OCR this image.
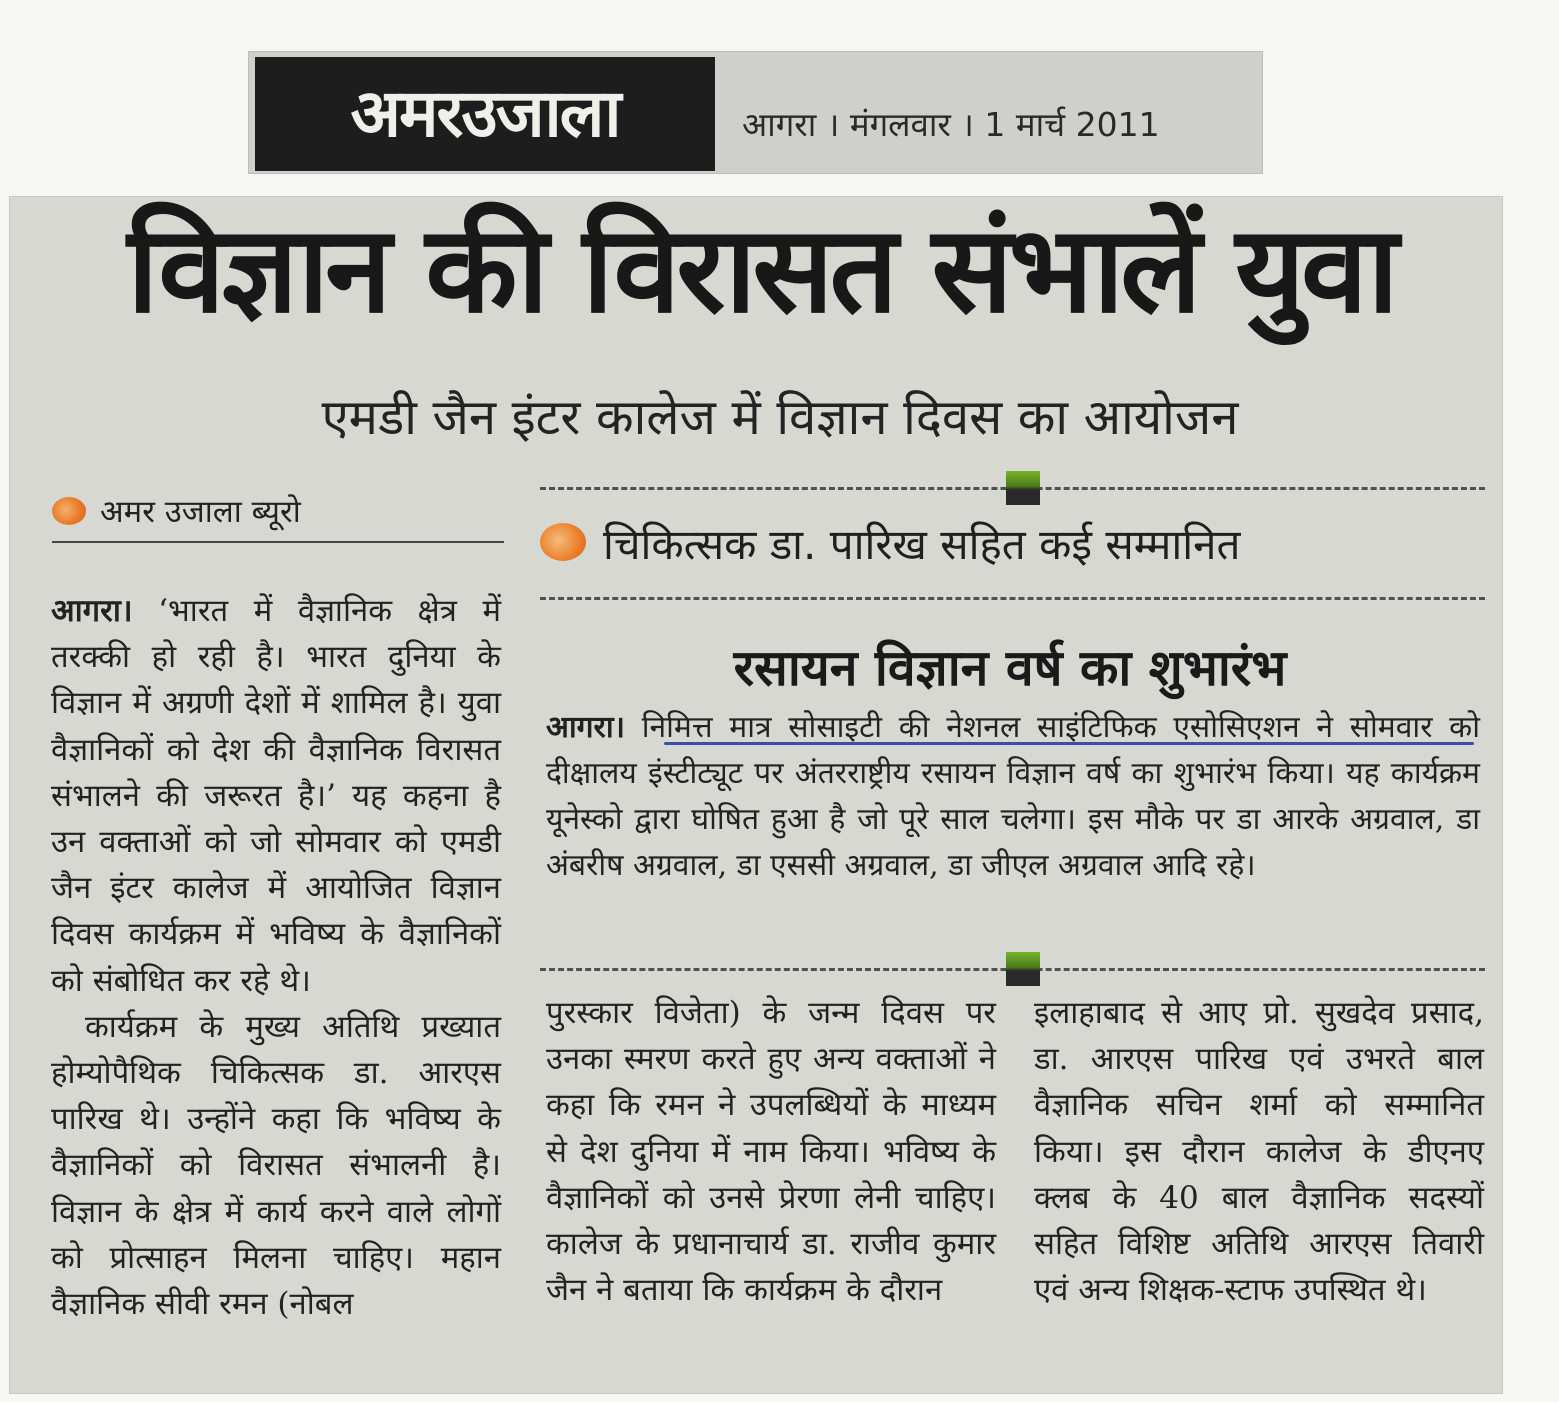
अमरउजाला	आगरा । मंगलवार । 1 मार्च 2011
विज्ञान की विरासत संभालें युवा
एमडी जैन इंटर कालेज में विज्ञान दिवस का आयोजन
अमर उजाला ब्यूरो

आगरा। ‘भारत में वैज्ञानिक क्षेत्र में तरक्की हो रही है। भारत दुनिया के विज्ञान में अग्रणी देशों में शामिल है। युवा वैज्ञानिकों को देश की वैज्ञानिक विरासत संभालने की जरूरत है।’ यह कहना है उन वक्ताओं को जो सोमवार को एमडी जैन इंटर कालेज में आयोजित विज्ञान दिवस कार्यक्रम में भविष्य के वैज्ञानिकों को संबोधित कर रहे थे।

कार्यक्रम के मुख्य अतिथि प्रख्यात होम्योपैथिक चिकित्सक डा. आरएस पारिख थे। उन्होंने कहा कि भविष्य के वैज्ञानिकों को विरासत संभालनी है। विज्ञान के क्षेत्र में कार्य करने वाले लोगों को प्रोत्साहन मिलना चाहिए। महान वैज्ञानिक सीवी रमन (नोबल

चिकित्सक डा. पारिख सहित कई सम्मानित
रसायन विज्ञान वर्ष का शुभारंभ
आगरा। निमित्त मात्र सोसाइटी की नेशनल साइंटिफिक एसोसिएशन ने सोमवार को दीक्षालय इंस्टीट्यूट पर अंतरराष्ट्रीय रसायन विज्ञान वर्ष का शुभारंभ किया। यह कार्यक्रम यूनेस्को द्वारा घोषित हुआ है जो पूरे साल चलेगा। इस मौके पर डा आरके अग्रवाल, डा अंबरीष अग्रवाल, डा एससी अग्रवाल, डा जीएल अग्रवाल आदि रहे।
पुरस्कार विजेता) के जन्म दिवस पर उनका स्मरण करते हुए अन्य वक्ताओं ने कहा कि रमन ने उपलब्धियों के माध्यम से देश दुनिया में नाम किया। भविष्य के वैज्ञानिकों को उनसे प्रेरणा लेनी चाहिए। कालेज के प्रधानाचार्य डा. राजीव कुमार जैन ने बताया कि कार्यक्रम के दौरान
इलाहाबाद से आए प्रो. सुखदेव प्रसाद, डा. आरएस पारिख एवं उभरते बाल वैज्ञानिक सचिन शर्मा को सम्मानित किया। इस दौरान कालेज के डीएनए क्लब के 40 बाल वैज्ञानिक सदस्यों सहित विशिष्ट अतिथि आरएस तिवारी एवं अन्य शिक्षक-स्टाफ उपस्थित थे।
